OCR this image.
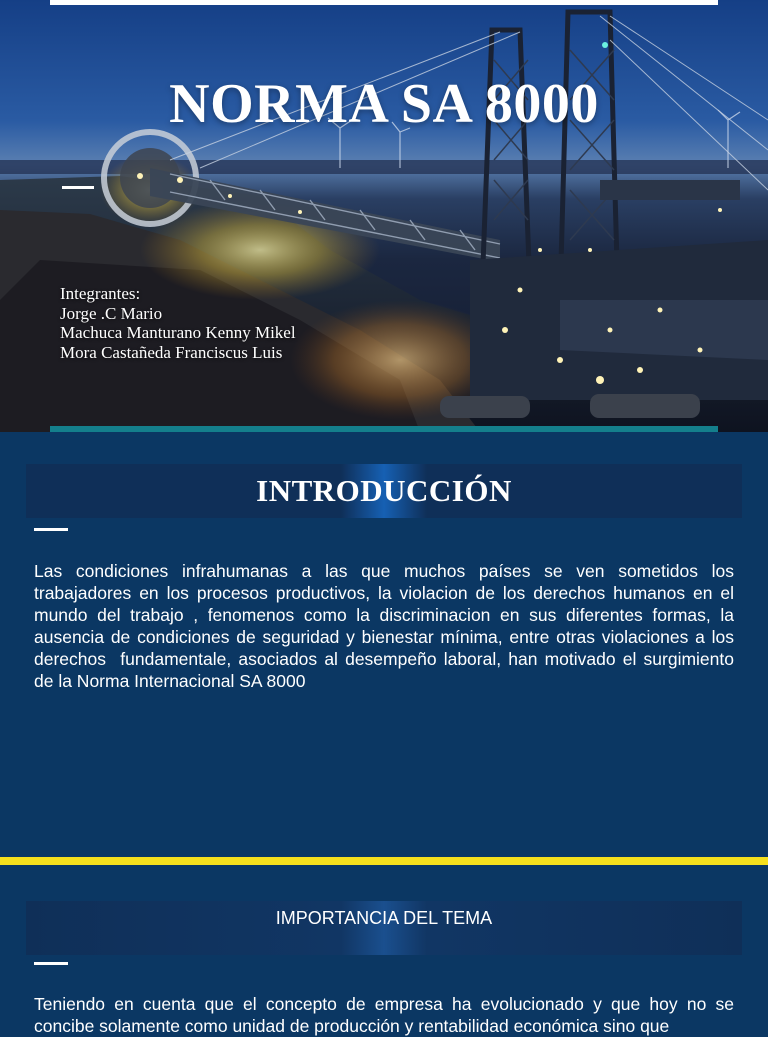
NORMA SA 8000
Integrantes:
Jorge .C Mario
Machuca Manturano Kenny Mikel
Mora Castañeda Franciscus Luis
INTRODUCCIÓN

Las condiciones infrahumanas a las que muchos países se ven sometidos los trabajadores en los procesos productivos, la violacion de los derechos humanos en el mundo del trabajo , fenomenos como la discriminacion en sus diferentes formas, la ausencia de condiciones de seguridad y bienestar mínima, entre otras violaciones a los derechos  fundamentale, asociados al desempeño laboral, han motivado el surgimiento de la Norma Internacional SA 8000

IMPORTANCIA DEL TEMA

Teniendo en cuenta que el concepto de empresa ha evolucionado y que hoy no se concibe solamente como unidad de producción y rentabilidad económica sino que
